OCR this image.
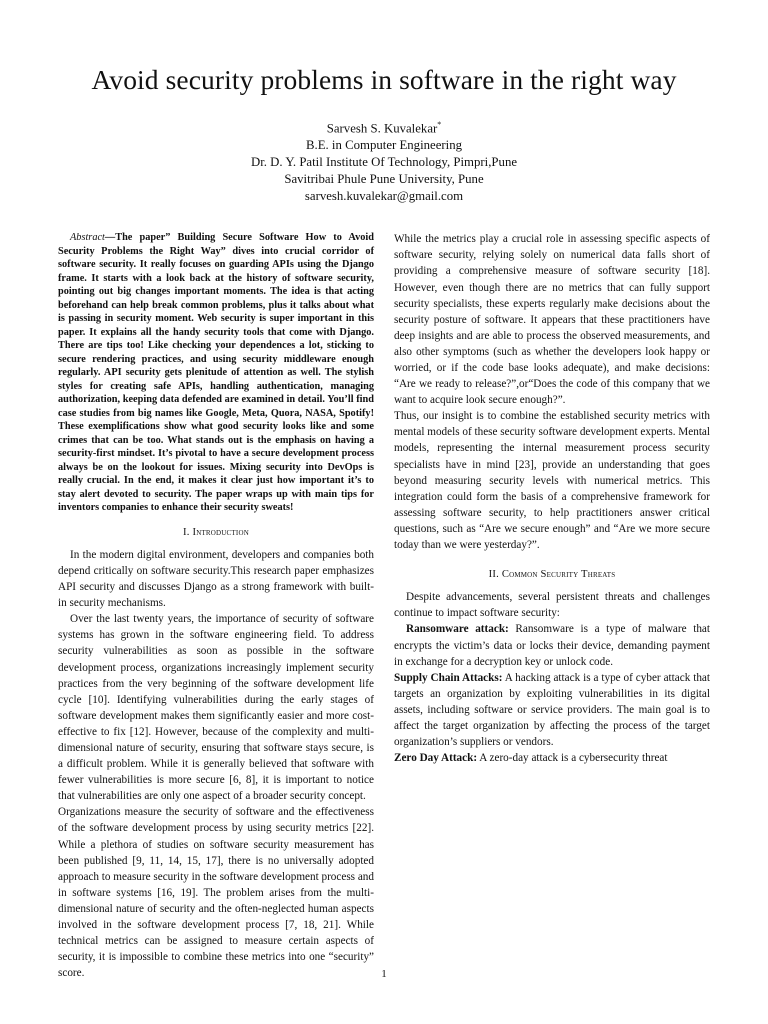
Avoid security problems in software in the right way
Sarvesh S. Kuvalekar*
B.E. in Computer Engineering
Dr. D. Y. Patil Institute Of Technology, Pimpri,Pune
Savitribai Phule Pune University, Pune
sarvesh.kuvalekar@gmail.com

Abstract—The paper” Building Secure Software How to Avoid Security Problems the Right Way” dives into crucial corridor of software security. It really focuses on guarding APIs using the Django frame. It starts with a look back at the history of software security, pointing out big changes important moments. The idea is that acting beforehand can help break common problems, plus it talks about what is passing in security moment. Web security is super important in this paper. It explains all the handy security tools that come with Django. There are tips too! Like checking your dependences a lot, sticking to secure rendering practices, and using security middleware enough regularly. API security gets plenitude of attention as well. The stylish styles for creating safe APIs, handling authentication, managing authorization, keeping data defended are examined in detail. You’ll find case studies from big names like Google, Meta, Quora, NASA, Spotify! These exemplifications show what good security looks like and some crimes that can be too. What stands out is the emphasis on having a security-first mindset. It’s pivotal to have a secure development process always be on the lookout for issues. Mixing security into DevOps is really crucial. In the end, it makes it clear just how important it’s to stay alert devoted to security. The paper wraps up with main tips for inventors companies to enhance their security sweats!

I. Introduction

In the modern digital environment, developers and companies both depend critically on software security.This research paper emphasizes API security and discusses Django as a strong framework with built-in security mechanisms.

Over the last twenty years, the importance of security of software systems has grown in the software engineering field. To address security vulnerabilities as soon as possible in the software development process, organizations increasingly implement security practices from the very beginning of the software development life cycle [10]. Identifying vulnerabilities during the early stages of software development makes them significantly easier and more cost-effective to fix [12]. However, because of the complexity and multi-dimensional nature of security, ensuring that software stays secure, is a difficult problem. While it is generally believed that software with fewer vulnerabilities is more secure [6, 8], it is important to notice that vulnerabilities are only one aspect of a broader security concept.

Organizations measure the security of software and the effectiveness of the software development process by using security metrics [22]. While a plethora of studies on software security measurement has been published [9, 11, 14, 15, 17], there is no universally adopted approach to measure security in the software development process and in software systems [16, 19]. The problem arises from the multi-dimensional nature of security and the often-neglected human aspects involved in the software development process [7, 18, 21]. While technical metrics can be assigned to measure certain aspects of security, it is impossible to combine these metrics into one “security” score.

While the metrics play a crucial role in assessing specific aspects of software security, relying solely on numerical data falls short of providing a comprehensive measure of software security [18]. However, even though there are no metrics that can fully support security specialists, these experts regularly make decisions about the security posture of software. It appears that these practitioners have deep insights and are able to process the observed measurements, and also other symptoms (such as whether the developers look happy or worried, or if the code base looks adequate), and make decisions: “Are we ready to release?”,or“Does the code of this company that we want to acquire look secure enough?”.

Thus, our insight is to combine the established security metrics with mental models of these security software development experts. Mental models, representing the internal measurement process security specialists have in mind [23], provide an understanding that goes beyond measuring security levels with numerical metrics. This integration could form the basis of a comprehensive framework for assessing software security, to help practitioners answer critical questions, such as “Are we secure enough” and “Are we more secure today than we were yesterday?”.

II. Common Security Threats

Despite advancements, several persistent threats and challenges continue to impact software security:

Ransomware attack: Ransomware is a type of malware that encrypts the victim’s data or locks their device, demanding payment in exchange for a decryption key or unlock code.

Supply Chain Attacks: A hacking attack is a type of cyber attack that targets an organization by exploiting vulnerabilities in its digital assets, including software or service providers. The main goal is to affect the target organization by affecting the process of the target organization’s suppliers or vendors.

Zero Day Attack: A zero-day attack is a cybersecurity threat

1
